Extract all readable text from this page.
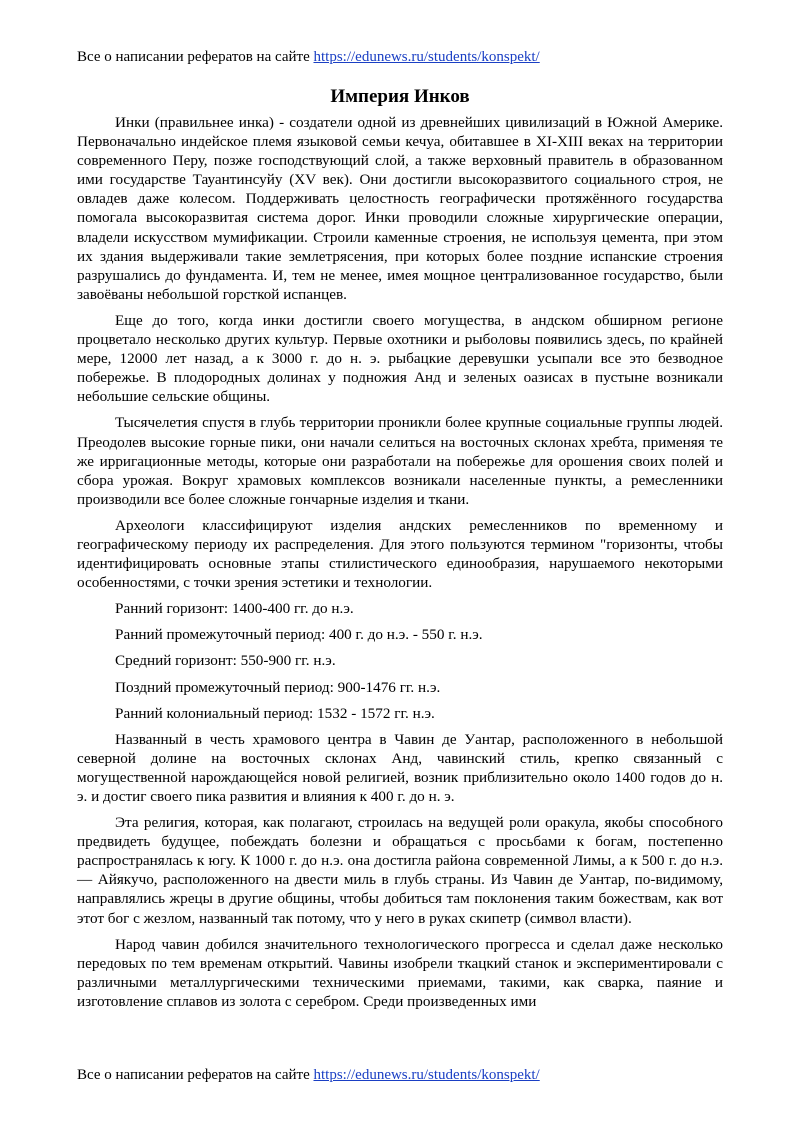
Все о написании рефератов на сайте https://edunews.ru/students/konspekt/
Империя Инков

Инки (правильнее инка) - создатели одной из древнейших цивилизаций в Южной Америке. Первоначально индейское племя языковой семьи кечуа, обитавшее в XI-XIII веках на территории современного Перу, позже господствующий слой, а также верховный правитель в образованном ими государстве Тауантинсуйу (XV век). Они достигли высокоразвитого социального строя, не овладев даже колесом. Поддерживать целостность географически протяжённого государства помогала высокоразвитая система дорог. Инки проводили сложные хирургические операции, владели искусством мумификации. Строили каменные строения, не используя цемента, при этом их здания выдерживали такие землетрясения, при которых более поздние испанские строения разрушались до фундамента. И, тем не менее, имея мощное централизованное государство, были завоёваны небольшой горсткой испанцев.

Еще до того, когда инки достигли своего могущества, в андском обширном регионе процветало несколько других культур. Первые охотники и рыболовы появились здесь, по крайней мере, 12000 лет назад, а к 3000 г. до н. э. рыбацкие деревушки усыпали все это безводное побережье. В плодородных долинах у подножия Анд и зеленых оазисах в пустыне возникали небольшие сельские общины.

Тысячелетия спустя в глубь территории проникли более крупные социальные группы людей. Преодолев высокие горные пики, они начали селиться на восточных склонах хребта, применяя те же ирригационные методы, которые они разработали на побережье для орошения своих полей и сбора урожая. Вокруг храмовых комплексов возникали населенные пункты, а ремесленники производили все более сложные гончарные изделия и ткани.

Археологи классифицируют изделия андских ремесленников по временному и географическому периоду их распределения. Для этого пользуются термином "горизонты, чтобы идентифицировать основные этапы стилистического единообразия, нарушаемого некоторыми особенностями, с точки зрения эстетики и технологии.

Ранний горизонт: 1400-400 гг. до н.э.

Ранний промежуточный период: 400 г. до н.э. - 550 г. н.э.

Средний горизонт: 550-900 гг. н.э.

Поздний промежуточный период: 900-1476 гг. н.э.

Ранний колониальный период: 1532 - 1572 гг. н.э.

Названный в честь храмового центра в Чавин де Уантар, расположенного в небольшой северной долине на восточных склонах Анд, чавинский стиль, крепко связанный с могущественной нарождающейся новой религией, возник приблизительно около 1400 годов до н. э. и достиг своего пика развития и влияния к 400 г. до н. э.

Эта религия, которая, как полагают, строилась на ведущей роли оракула, якобы способного предвидеть будущее, побеждать болезни и обращаться с просьбами к богам, постепенно распространялась к югу. К 1000 г. до н.э. она достигла района современной Лимы, а к 500 г. до н.э. — Айякучо, расположенного на двести миль в глубь страны. Из Чавин де Уантар, по-видимому, направлялись жрецы в другие общины, чтобы добиться там поклонения таким божествам, как вот этот бог с жезлом, названный так потому, что у него в руках скипетр (символ власти).

Народ чавин добился значительного технологического прогресса и сделал даже несколько передовых по тем временам открытий. Чавины изобрели ткацкий станок и экспериментировали с различными металлургическими техническими приемами, такими, как сварка, паяние и изготовление сплавов из золота с серебром. Среди произведенных ими

Все о написании рефератов на сайте https://edunews.ru/students/konspekt/
